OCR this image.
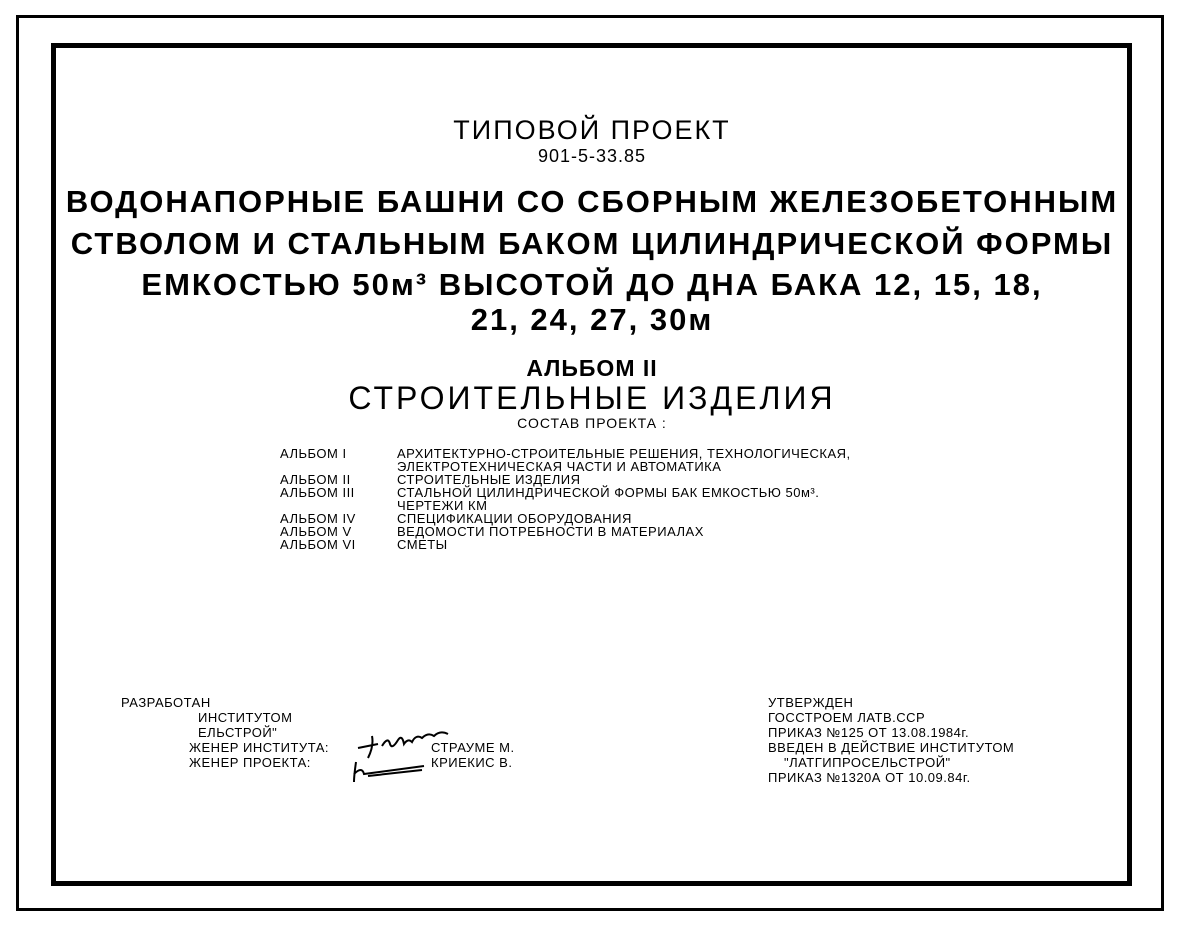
ТИПОВОЙ ПРОЕКТ
901-5-33.85
ВОДОНАПОРНЫЕ БАШНИ СО СБОРНЫМ ЖЕЛЕЗОБЕТОННЫМ
СТВОЛОМ И СТАЛЬНЫМ БАКОМ ЦИЛИНДРИЧЕСКОЙ ФОРМЫ
ЕМКОСТЬЮ 50м³ ВЫСОТОЙ ДО ДНА БАКА 12, 15, 18,
21, 24, 27, 30м
АЛЬБОМ II
СТРОИТЕЛЬНЫЕ ИЗДЕЛИЯ
СОСТАВ ПРОЕКТА :
АЛЬБОМ I	АРХИТЕКТУРНО-СТРОИТЕЛЬНЫЕ РЕШЕНИЯ, ТЕХНОЛОГИЧЕСКАЯ,
ЭЛЕКТРОТЕХНИЧЕСКАЯ ЧАСТИ И АВТОМАТИКА
АЛЬБОМ II	СТРОИТЕЛЬНЫЕ ИЗДЕЛИЯ
АЛЬБОМ III	СТАЛЬНОЙ ЦИЛИНДРИЧЕСКОЙ ФОРМЫ БАК ЕМКОСТЬЮ 50м³.
ЧЕРТЕЖИ КМ
АЛЬБОМ IV	СПЕЦИФИКАЦИИ ОБОРУДОВАНИЯ
АЛЬБОМ V	ВЕДОМОСТИ ПОТРЕБНОСТИ В МАТЕРИАЛАХ
АЛЬБОМ VI	СМЕТЫ
РАЗРАБОТАН
ИНСТИТУТОМ
ЕЛЬСТРОЙ"
ЖЕНЕР ИНСТИТУТА:	СТРАУМЕ М.
ЖЕНЕР ПРОЕКТА:	КРИЕКИС В.
УТВЕРЖДЕН
ГОССТРОЕМ ЛАТВ.ССР
ПРИКАЗ №125 ОТ 13.08.1984г.
ВВЕДЕН В ДЕЙСТВИЕ ИНСТИТУТОМ
"ЛАТГИПРОСЕЛЬСТРОЙ"
ПРИКАЗ №1320А ОТ 10.09.84г.
